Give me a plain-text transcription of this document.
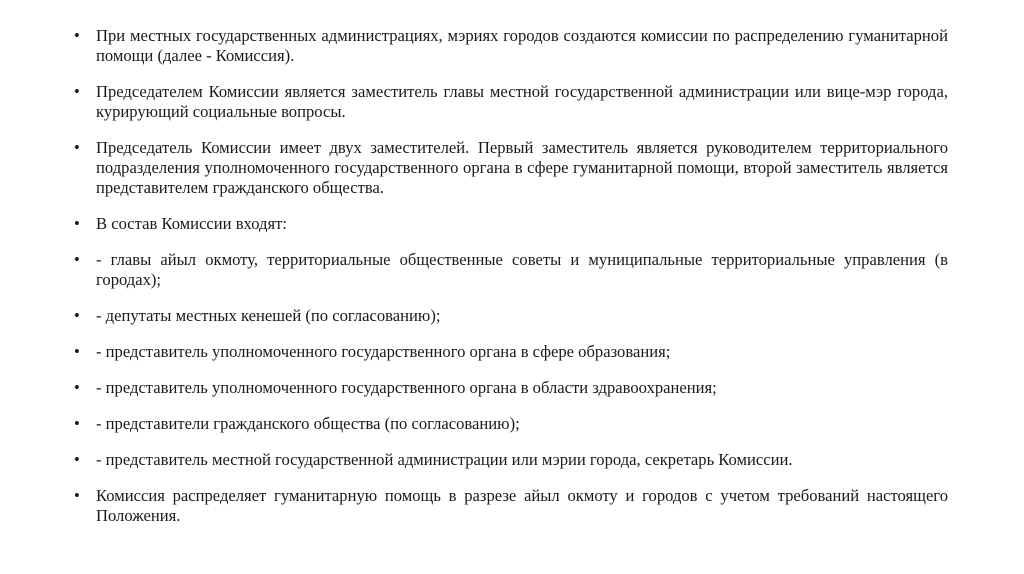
• При местных государственных администрациях, мэриях городов создаются комиссии по распределению гуманитарной помощи (далее - Комиссия).
• Председателем Комиссии является заместитель главы местной государственной администрации или вице-мэр города, курирующий социальные вопросы.
• Председатель Комиссии имеет двух заместителей. Первый заместитель является руководителем территориального подразделения уполномоченного государственного органа в сфере гуманитарной помощи, второй заместитель является представителем гражданского общества.
• В состав Комиссии входят:
• - главы айыл окмоту, территориальные общественные советы и муниципальные территориальные управления (в городах);
• - депутаты местных кенешей (по согласованию);
• - представитель уполномоченного государственного органа в сфере образования;
• - представитель уполномоченного государственного органа в области здравоохранения;
• - представители гражданского общества (по согласованию);
• - представитель местной государственной администрации или мэрии города, секретарь Комиссии.
• Комиссия распределяет гуманитарную помощь в разрезе айыл окмоту и городов с учетом требований настоящего Положения.
